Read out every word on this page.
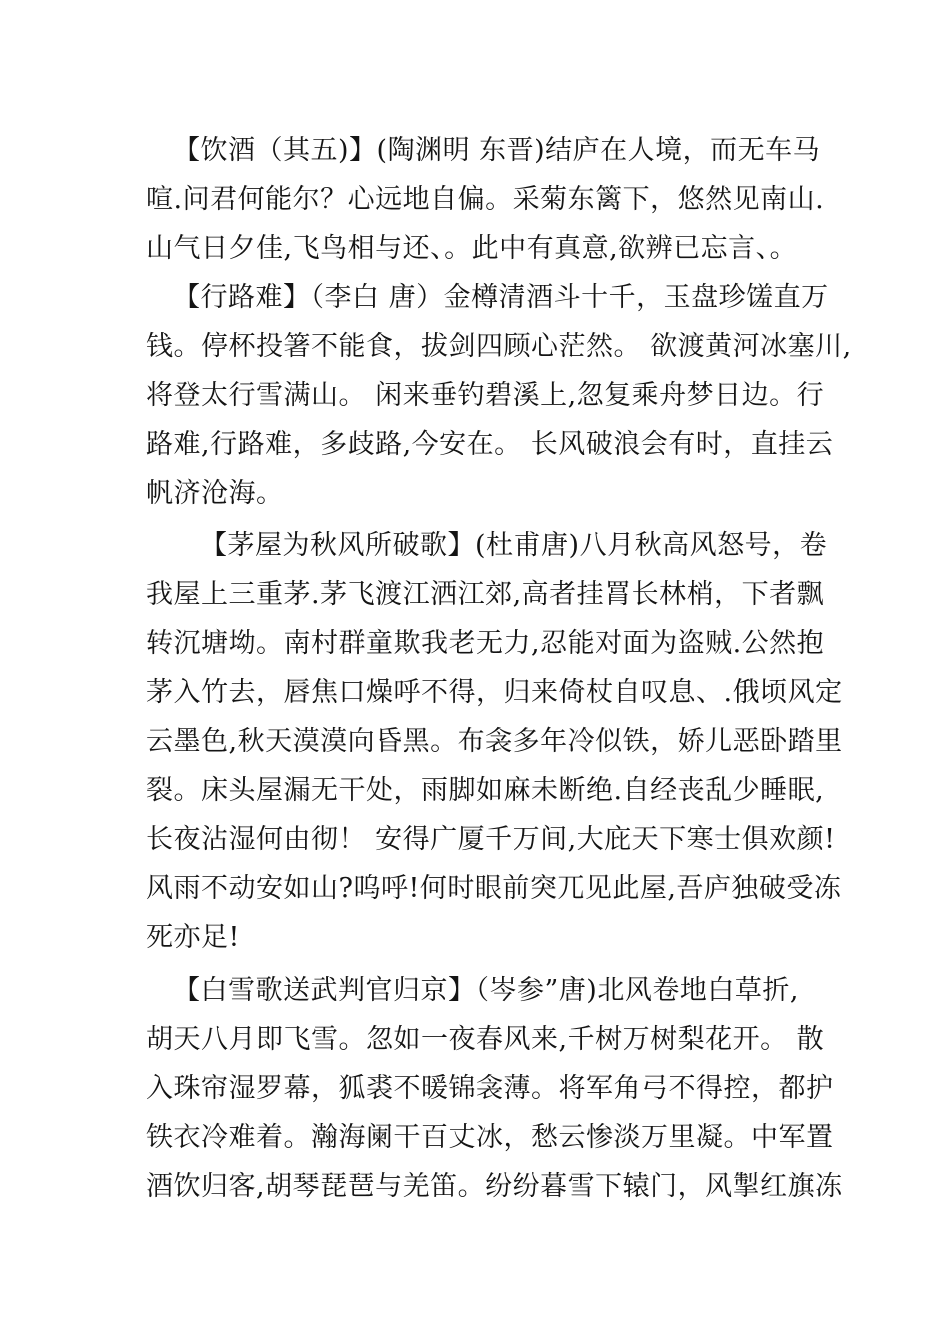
【饮酒（其五)】(陶渊明 东晋)结庐在人境，而无车马
喧.问君何能尔？心远地自偏。采菊东篱下，悠然见南山.
山气日夕佳,飞鸟相与还、。此中有真意,欲辨已忘言、。
【行路难】（李白 唐）金樽清酒斗十千，玉盘珍馐直万
钱。停杯投箸不能食，拔剑四顾心茫然。 欲渡黄河冰塞川,
将登太行雪满山。 闲来垂钓碧溪上,忽复乘舟梦日边。行
路难,行路难，多歧路,今安在。 长风破浪会有时，直挂云
帆济沧海。
【茅屋为秋风所破歌】(杜甫唐)八月秋高风怒号，卷
我屋上三重茅.茅飞渡江洒江郊,高者挂罥长林梢，下者飘
转沉塘坳。南村群童欺我老无力,忍能对面为盗贼.公然抱
茅入竹去，唇焦口燥呼不得，归来倚杖自叹息、.俄顷风定
云墨色,秋天漠漠向昏黑。布衾多年冷似铁，娇儿恶卧踏里
裂。床头屋漏无干处，雨脚如麻未断绝.自经丧乱少睡眠,
长夜沾湿何由彻！ 安得广厦千万间,大庇天下寒士俱欢颜!
风雨不动安如山?呜呼!何时眼前突兀见此屋,吾庐独破受冻
死亦足!
【白雪歌送武判官归京】（岑参”唐)北风卷地白草折,
胡天八月即飞雪。忽如一夜春风来,千树万树梨花开。 散
入珠帘湿罗幕，狐裘不暖锦衾薄。将军角弓不得控，都护
铁衣冷难着。瀚海阑干百丈冰，愁云惨淡万里凝。中军置
酒饮归客,胡琴琵琶与羌笛。纷纷暮雪下辕门，风掣红旗冻
